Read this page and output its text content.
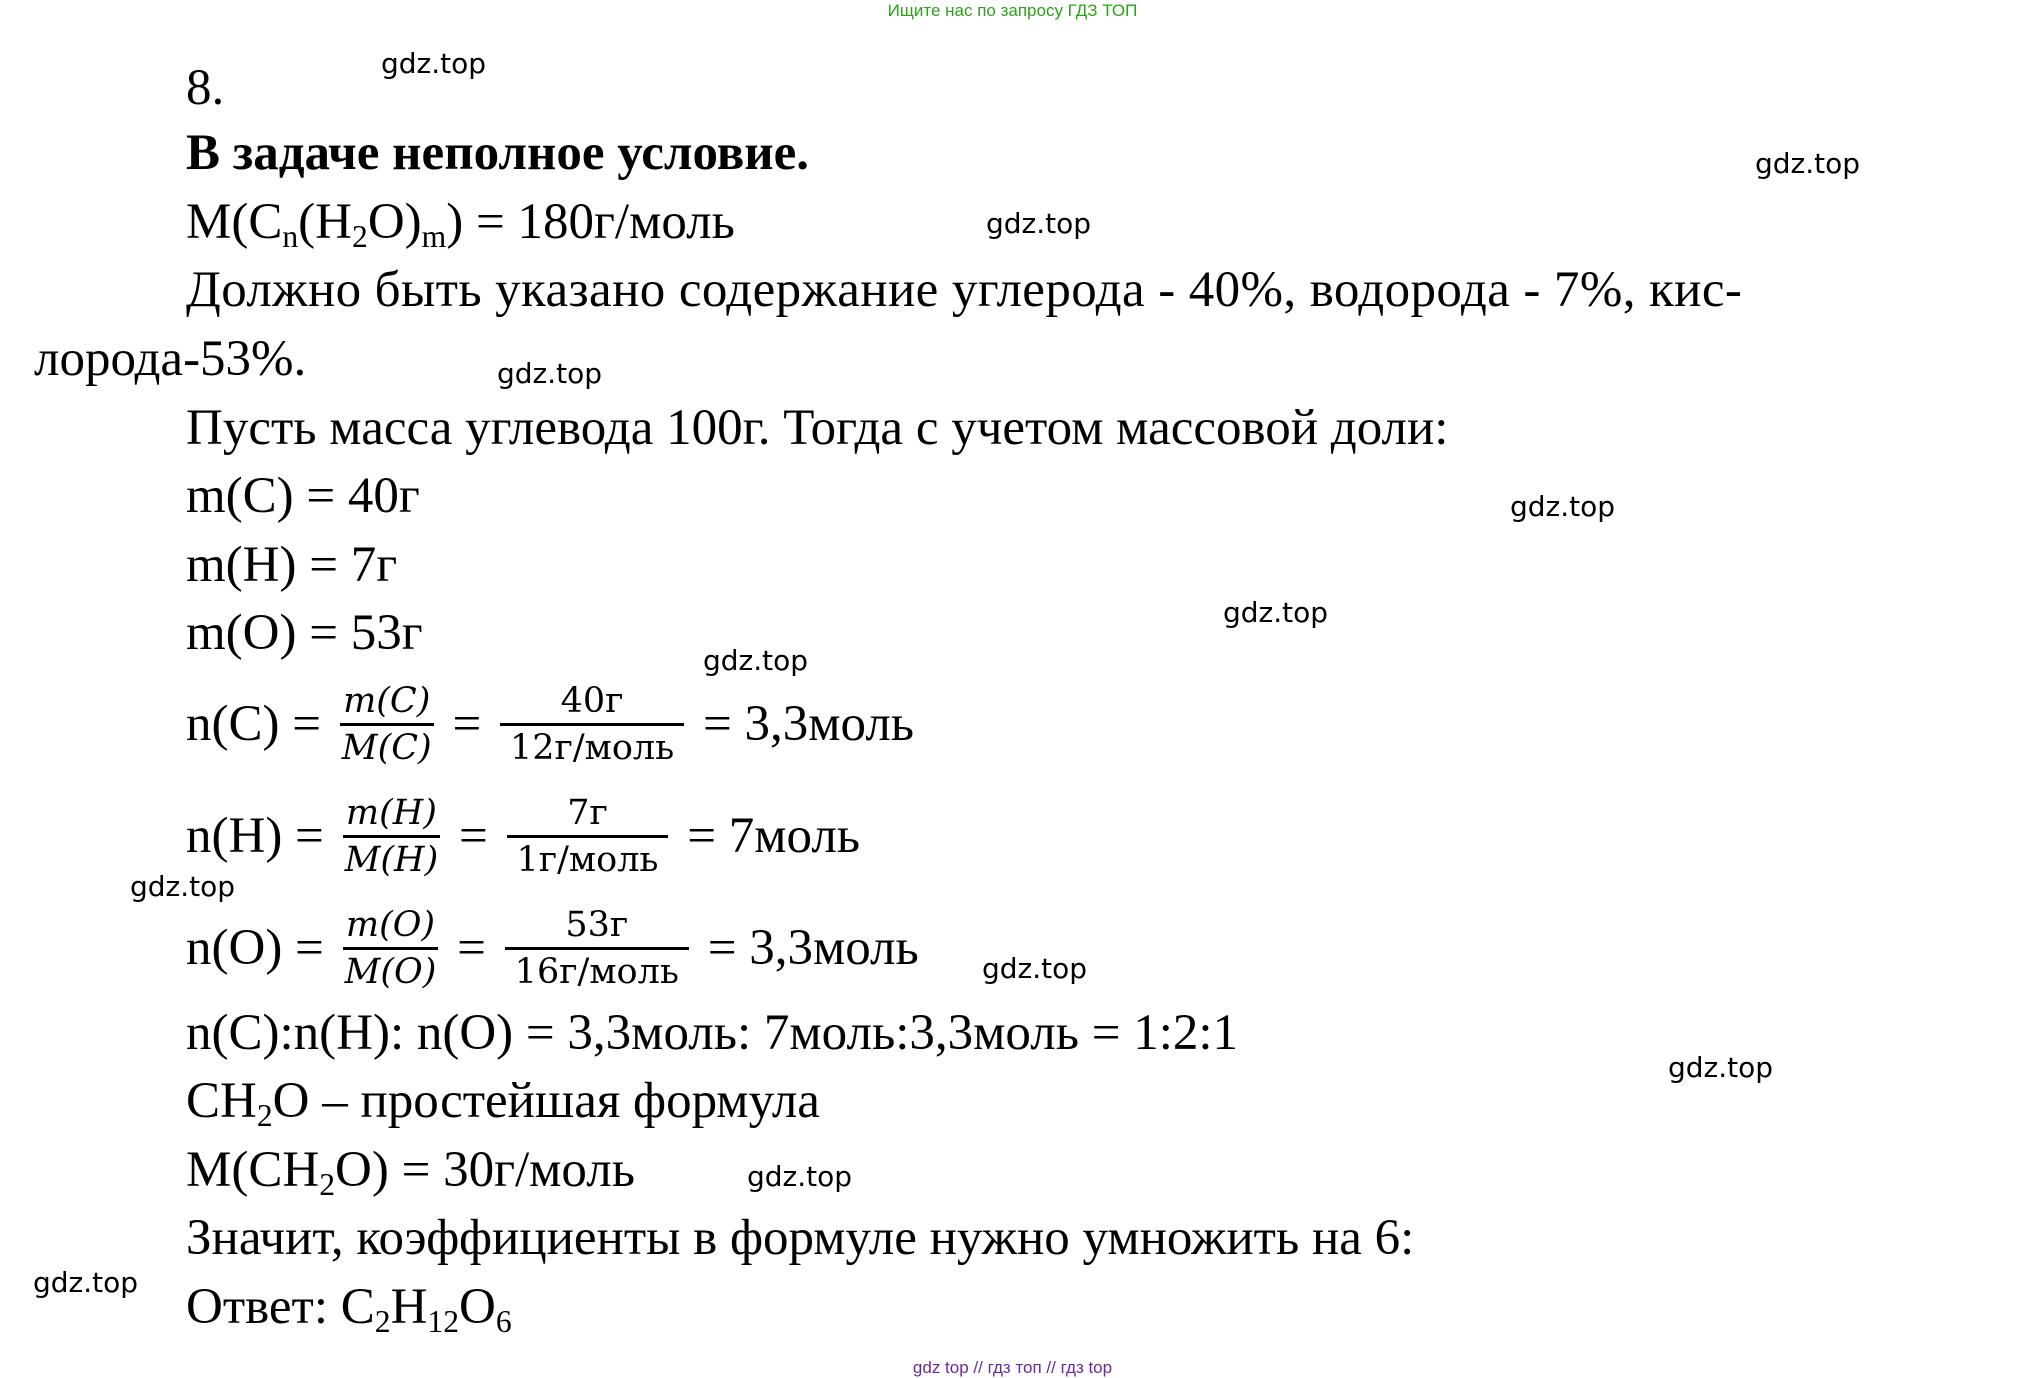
Ищите нас по запросу ГДЗ ТОП
8.
В задаче неполное условие.
$M(C_n(H_2O)_m)$ = 180г/моль
Должно быть указано содержание углерода - 40%, водорода - 7%, кис-
лорода-53%.
Пусть масса углевода 100г. Тогда с учетом массовой доли:
m(C) = 40г
m(H) = 7г
m(O) = 53г
$n(C) = \frac{m(C)}{M(C)} = \frac{40г}{\text{12г/моль}}$ = 3,3моль
$n(H) = \frac{m(H)}{M(H)} = \frac{7г}{\text{1г/моль}}$ = 7моль
$n(O) = \frac{m(O)}{M(O)} = \frac{53г}{\text{16г/моль}}$ = 3,3моль
n(C):n(H): n(O) = 3,3моль: 7моль:3,3моль = 1:2:1
$CH_2O$ – простейшая формула
$M(CH_2O)$ = 30г/моль
Значит, коэффициенты в формуле нужно умножить на 6:
Ответ: $C_2H_{12}O_6$
gdz.top
gdz.top
gdz.top
gdz.top
gdz.top
gdz.top
gdz.top
gdz.top
gdz.top
gdz.top
gdz.top
gdz.top
gdz top // гдз топ // гдз top
